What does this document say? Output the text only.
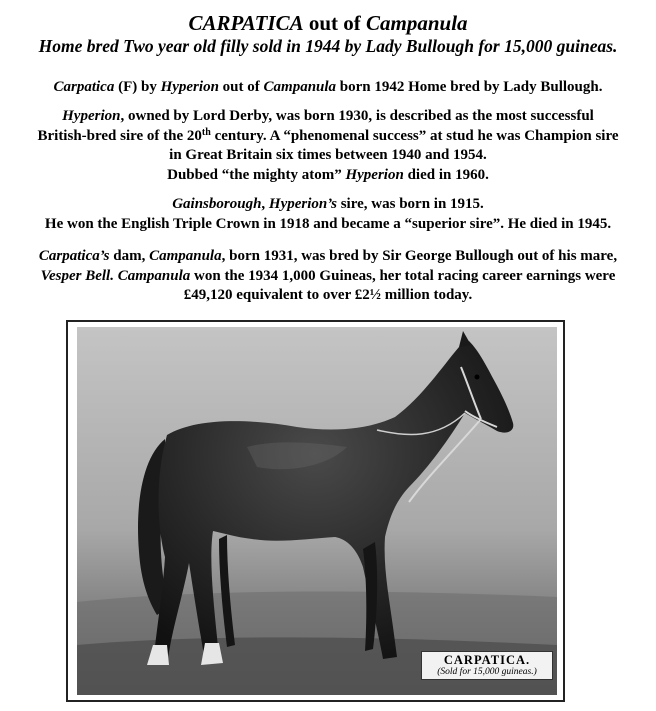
CARPATICA out of Campanula
Home bred Two year old filly sold in 1944 by Lady Bullough for 15,000 guineas.
Carpatica (F) by Hyperion out of Campanula born 1942 Home bred by Lady Bullough.
Hyperion, owned by Lord Derby, was born 1930, is described as the most successful
British-bred sire of the 20th century. A “phenomenal success” at stud he was Champion sire
in Great Britain six times between 1940 and 1954.
Dubbed “the mighty atom” Hyperion died in 1960.
Gainsborough, Hyperion’s sire, was born in 1915.
He won the English Triple Crown in 1918 and became a “superior sire”. He died in 1945.
Carpatica’s dam, Campanula, born 1931, was bred by Sir George Bullough out of his mare,
Vesper Bell. Campanula won the 1934 1,000 Guineas, her total racing career earnings were
£49,120 equivalent to over £2½ million today.
CARPATICA.
(Sold for 15,000 guineas.)
